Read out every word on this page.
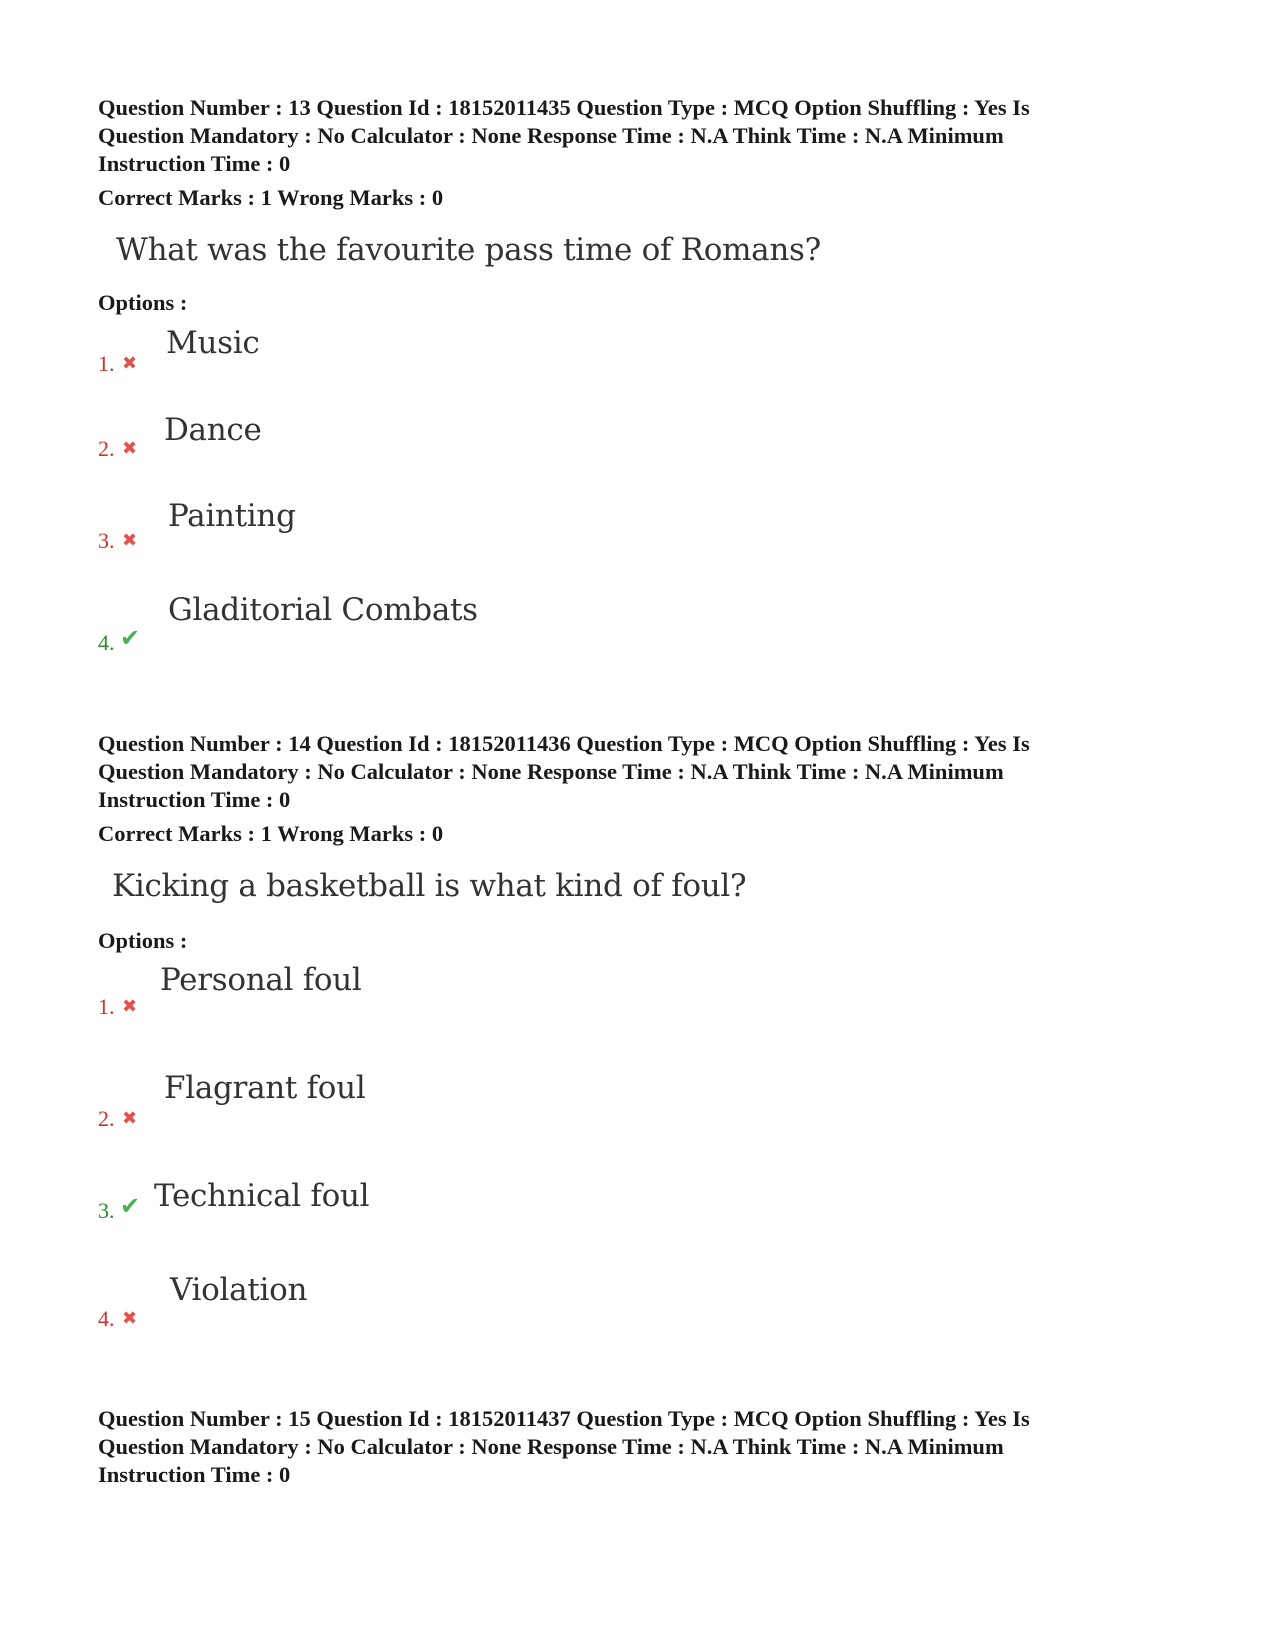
Question Number : 13 Question Id : 18152011435 Question Type : MCQ Option Shuffling : Yes Is

Question Mandatory : No Calculator : None Response Time : N.A Think Time : N.A Minimum

Instruction Time : 0

Correct Marks : 1 Wrong Marks : 0
What was the favourite pass time of Romans?
Options :
1. ✖
Music
2. ✖
Dance
3. ✖
Painting
4. ✔
Gladitorial Combats

Question Number : 14 Question Id : 18152011436 Question Type : MCQ Option Shuffling : Yes Is

Question Mandatory : No Calculator : None Response Time : N.A Think Time : N.A Minimum

Instruction Time : 0

Correct Marks : 1 Wrong Marks : 0
Kicking a basketball is what kind of foul?
Options :
1. ✖
Personal foul
2. ✖
Flagrant foul
3. ✔ Technical foul
4. ✖
Violation

Question Number : 15 Question Id : 18152011437 Question Type : MCQ Option Shuffling : Yes Is

Question Mandatory : No Calculator : None Response Time : N.A Think Time : N.A Minimum

Instruction Time : 0
